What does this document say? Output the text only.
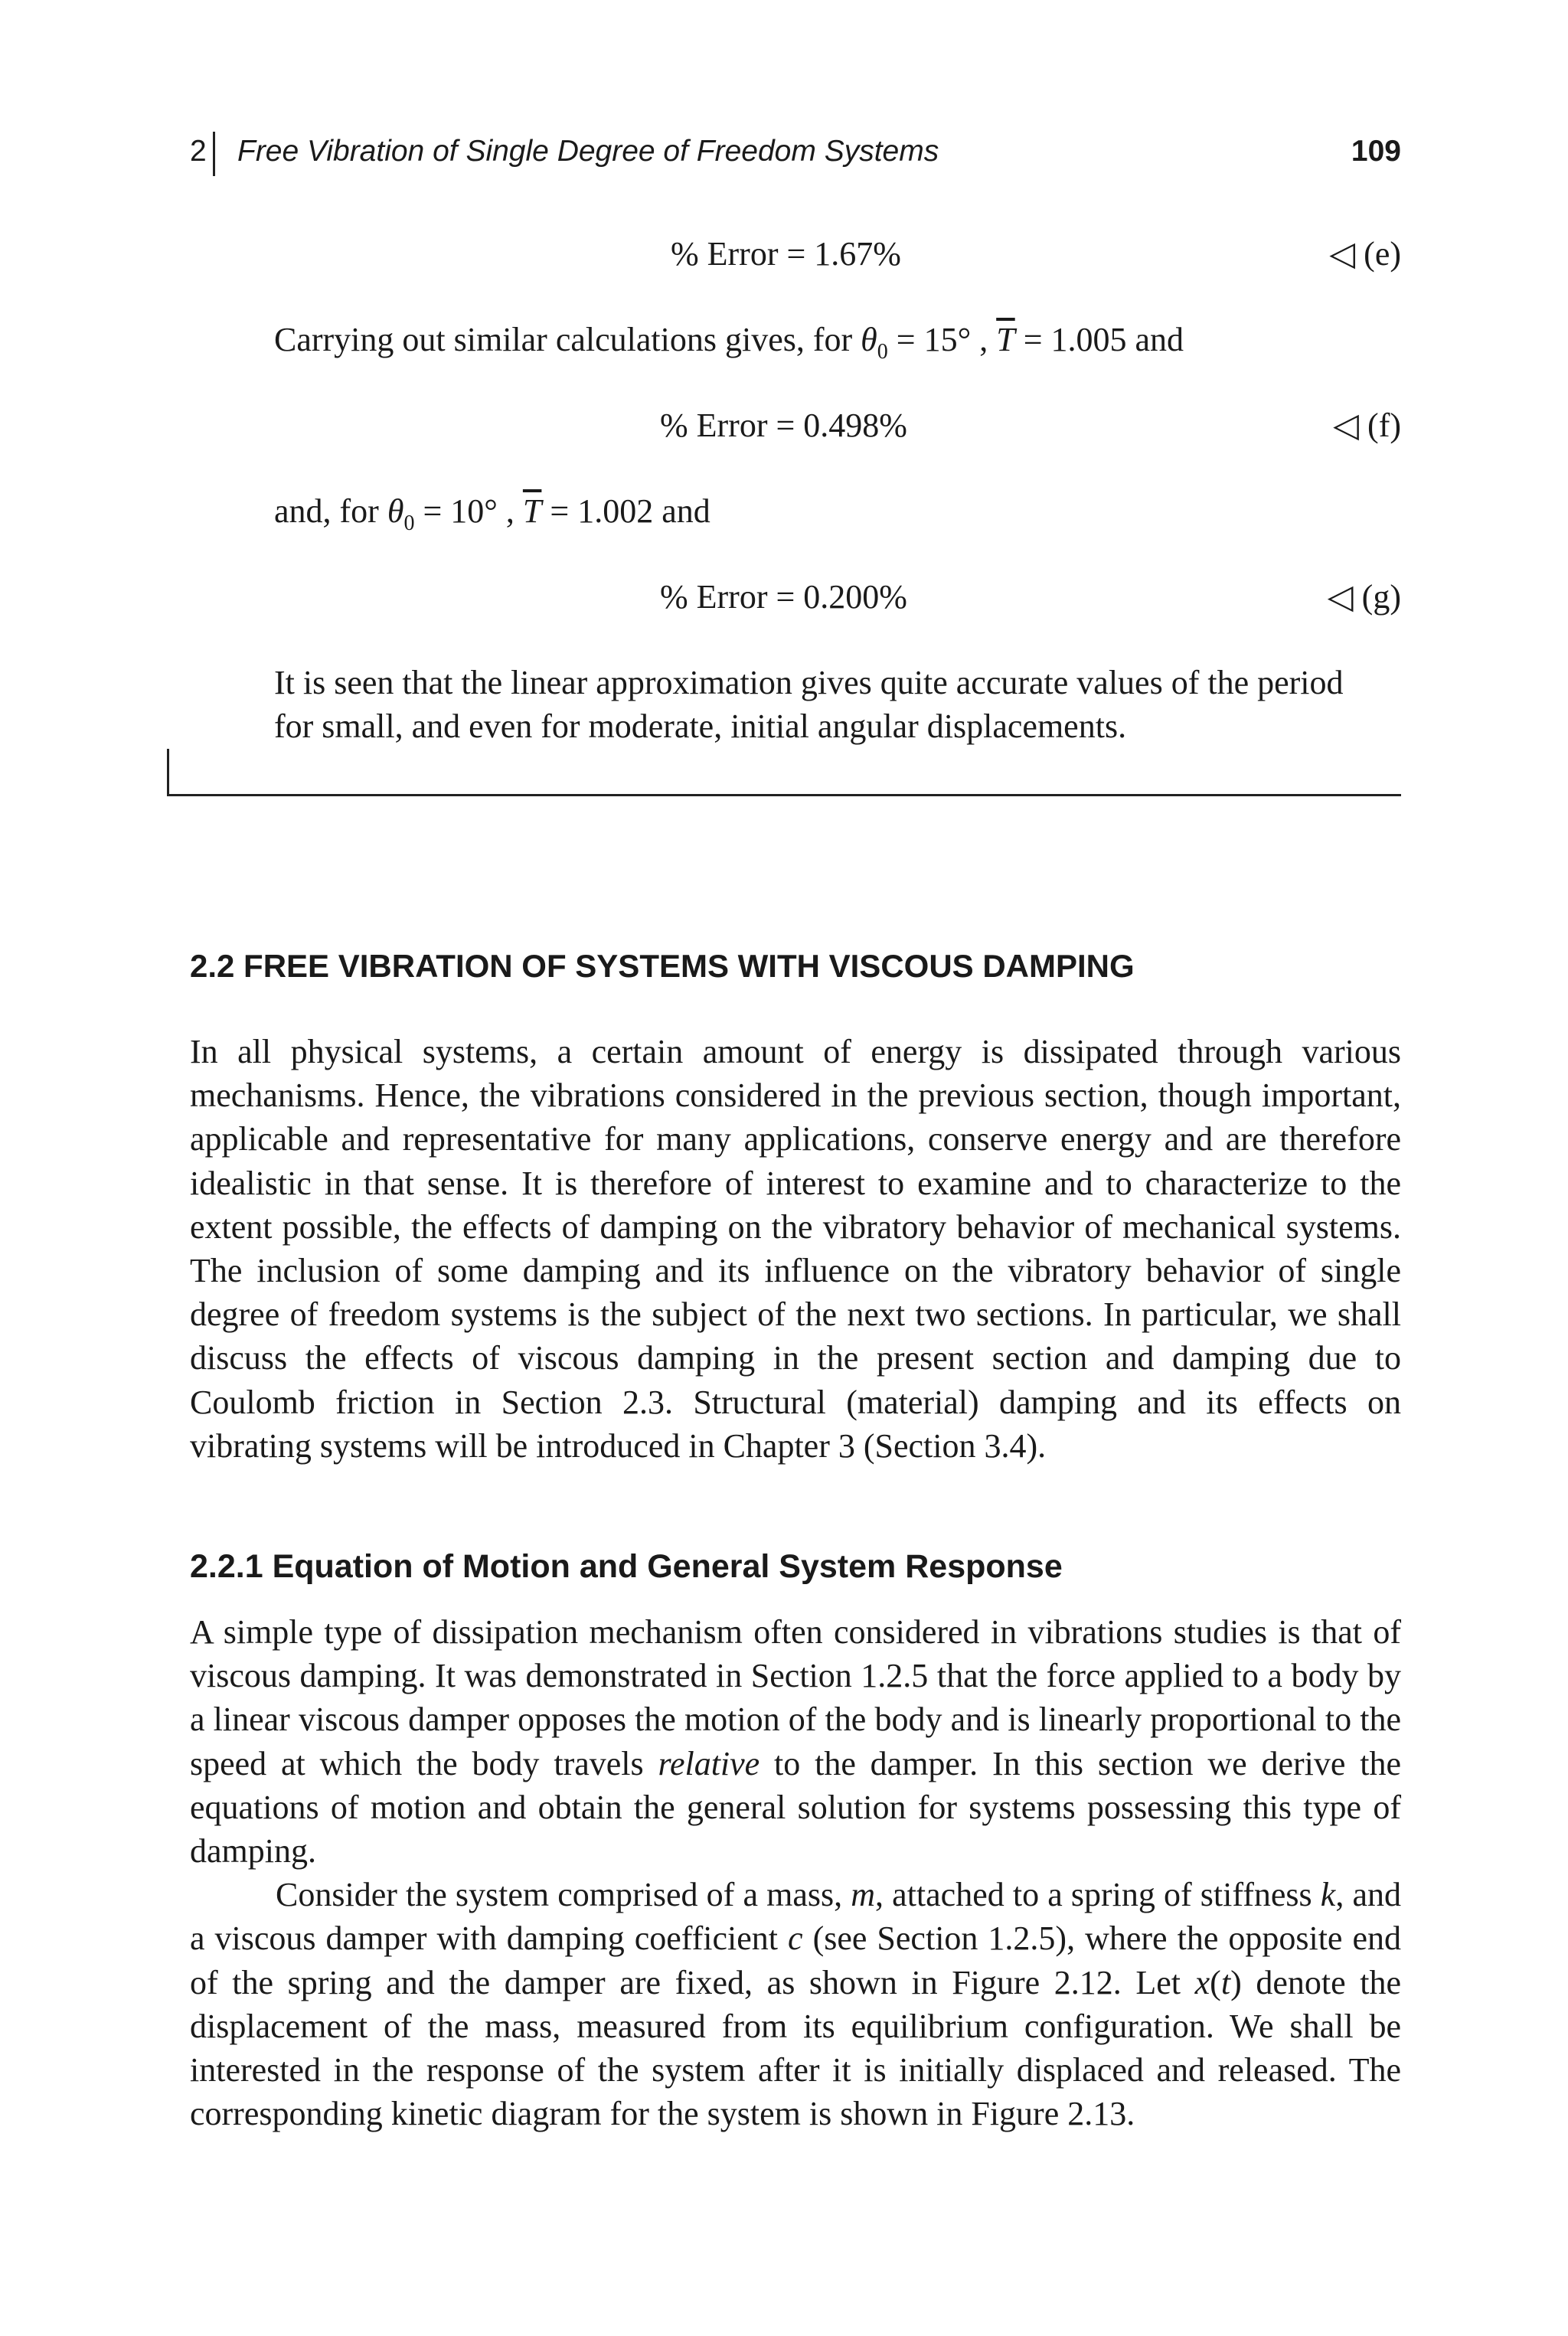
2 Free Vibration of Single Degree of Freedom Systems	109
% Error = 1.67%	◁ (e)
Carrying out similar calculations gives, for $\theta_0 = 15^\circ$ , $\overline{T} = 1.005$ and
% Error = 0.498%	◁ (f)
and, for $\theta_0 = 10^\circ$ , $\overline{T} = 1.002$ and
% Error = 0.200%	◁ (g)
It is seen that the linear approximation gives quite accurate values of the period
for small, and even for moderate, initial angular displacements.
2.2 FREE VIBRATION OF SYSTEMS WITH VISCOUS DAMPING

In all physical systems, a certain amount of energy is dissipated through various mechanisms. Hence, the vibrations considered in the previous section, though important, applicable and representative for many applications, conserve energy and are therefore idealistic in that sense. It is therefore of interest to examine and to characterize to the extent possible, the effects of damping on the vibratory behavior of mechanical systems. The inclusion of some damping and its influence on the vibratory behavior of single degree of freedom systems is the subject of the next two sections. In particular, we shall discuss the effects of viscous damping in the present section and damping due to Coulomb friction in Section 2.3. Structural (material) damping and its effects on vibrating systems will be introduced in Chapter 3 (Section 3.4).

2.2.1 Equation of Motion and General System Response

A simple type of dissipation mechanism often considered in vibrations studies is that of viscous damping. It was demonstrated in Section 1.2.5 that the force applied to a body by a linear viscous damper opposes the motion of the body and is linearly proportional to the speed at which the body travels relative to the damper. In this section we derive the equations of motion and obtain the general solution for systems possessing this type of damping.

Consider the system comprised of a mass, m, attached to a spring of stiffness k, and a viscous damper with damping coefficient c (see Section 1.2.5), where the opposite end of the spring and the damper are fixed, as shown in Figure 2.12. Let x(t) denote the displacement of the mass, measured from its equilibrium configuration. We shall be interested in the response of the system after it is initially displaced and released. The corresponding kinetic diagram for the system is shown in Figure 2.13.
